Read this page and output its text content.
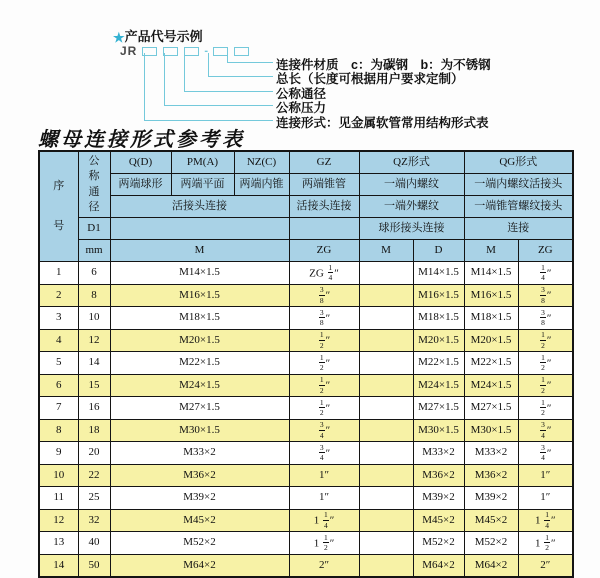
★产品代号示例
JR	-
连接件材质　c：为碳钢　b：为不锈钢
总长（长度可根据用户要求定制）
公称通径
公称压力
连接形式：见金属软管常用结构形式表
螺母连接形式参考表
序
号	公
称
通
径	Q(D)	PM(A)	NZ(C)	GZ	QZ形式		QG形式	
		两端球形	两端平面	两端内锥	两端锥管	一端内螺纹		一端内螺纹活接头	
		活接头连接			活接头连接	一端外螺纹		一端锥管螺纹接头	
	D1					球形接头连接		连接	
	mm	M			ZG	M	D	M	ZG
1	6	M14×1.5			ZG $\frac{1}{4}$ ″		M14×1.5	M14×1.5	$\frac{1}{4}$ ″
2	8	M16×1.5			$\frac{3}{8}$ ″		M16×1.5	M16×1.5	$\frac{3}{8}$ ″
3	10	M18×1.5			$\frac{3}{8}$ ″		M18×1.5	M18×1.5	$\frac{3}{8}$ ″
4	12	M20×1.5			$\frac{1}{2}$ ″		M20×1.5	M20×1.5	$\frac{1}{2}$ ″
5	14	M22×1.5			$\frac{1}{2}$ ″		M22×1.5	M22×1.5	$\frac{1}{2}$ ″
6	15	M24×1.5			$\frac{1}{2}$ ″		M24×1.5	M24×1.5	$\frac{1}{2}$ ″
7	16	M27×1.5			$\frac{1}{2}$ ″		M27×1.5	M27×1.5	$\frac{1}{2}$ ″
8	18	M30×1.5			$\frac{3}{4}$ ″		M30×1.5	M30×1.5	$\frac{3}{4}$ ″
9	20	M33×2			$\frac{3}{4}$ ″		M33×2	M33×2	$\frac{3}{4}$ ″
10	22	M36×2			1″		M36×2	M36×2	1″
11	25	M39×2			1″		M39×2	M39×2	1″
12	32	M45×2			$1 \frac{1}{4}$ ″		M45×2	M45×2	$1 \frac{1}{4}$ ″
13	40	M52×2			$1 \frac{1}{2}$ ″		M52×2	M52×2	$1 \frac{1}{2}$ ″
14	50	M64×2			2″		M64×2	M64×2	2″
